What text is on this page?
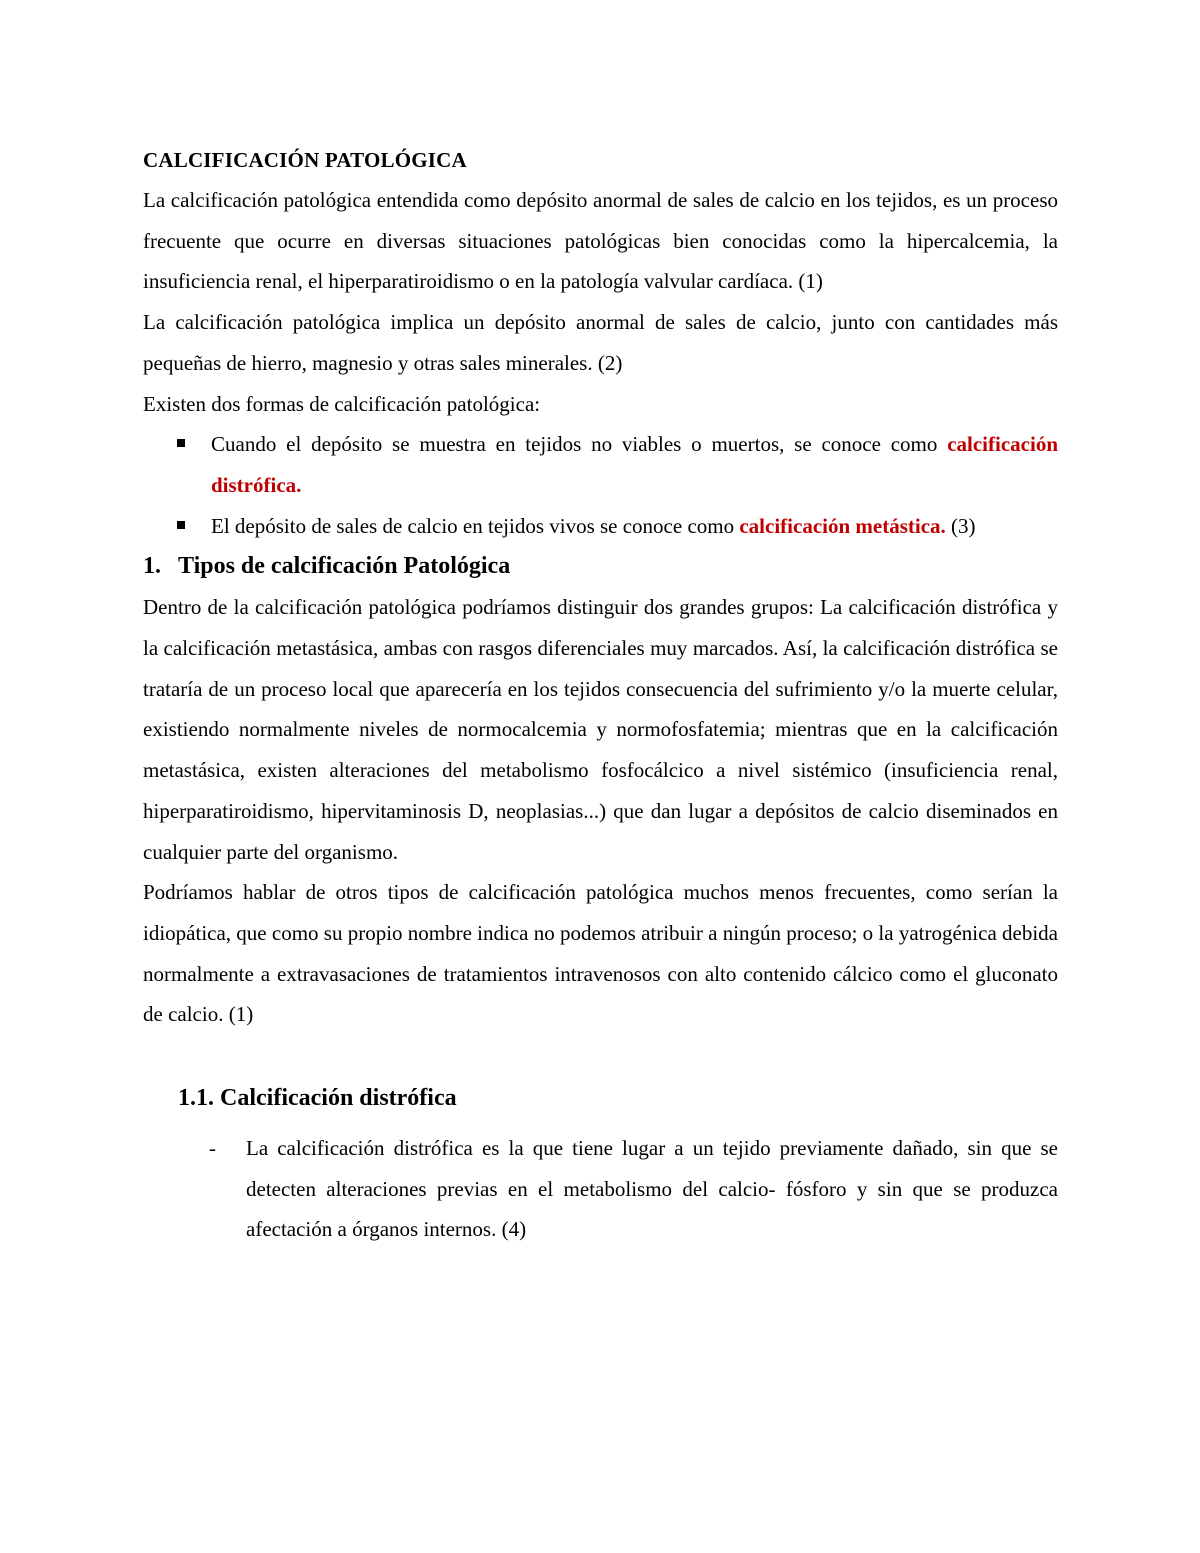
CALCIFICACIÓN PATOLÓGICA

La calcificación patológica entendida como depósito anormal de sales de calcio en los tejidos, es un proceso frecuente que ocurre en diversas situaciones patológicas bien conocidas como la hipercalcemia, la insuficiencia renal, el hiperparatiroidismo o en la patología valvular cardíaca. (1)

La calcificación patológica implica un depósito anormal de sales de calcio, junto con cantidades más pequeñas de hierro, magnesio y otras sales minerales. (2)

Existen dos formas de calcificación patológica:

Cuando el depósito se muestra en tejidos no viables o muertos, se conoce como calcificación distrófica.
El depósito de sales de calcio en tejidos vivos se conoce como calcificación metástica. (3)
1. Tipos de calcificación Patológica

Dentro de la calcificación patológica podríamos distinguir dos grandes grupos: La calcificación distrófica y la calcificación metastásica, ambas con rasgos diferenciales muy marcados. Así, la calcificación distrófica se trataría de un proceso local que aparecería en los tejidos consecuencia del sufrimiento y/o la muerte celular, existiendo normalmente niveles de normocalcemia y normofosfatemia; mientras que en la calcificación metastásica, existen alteraciones del metabolismo fosfocálcico a nivel sistémico (insuficiencia renal, hiperparatiroidismo, hipervitaminosis D, neoplasias...) que dan lugar a depósitos de calcio diseminados en cualquier parte del organismo.

Podríamos hablar de otros tipos de calcificación patológica muchos menos frecuentes, como serían la idiopática, que como su propio nombre indica no podemos atribuir a ningún proceso; o la yatrogénica debida normalmente a extravasaciones de tratamientos intravenosos con alto contenido cálcico como el gluconato de calcio. (1)

1.1. Calcificación distrófica
- La calcificación distrófica es la que tiene lugar a un tejido previamente dañado, sin que se detecten alteraciones previas en el metabolismo del calcio- fósforo y sin que se produzca afectación a órganos internos. (4)
